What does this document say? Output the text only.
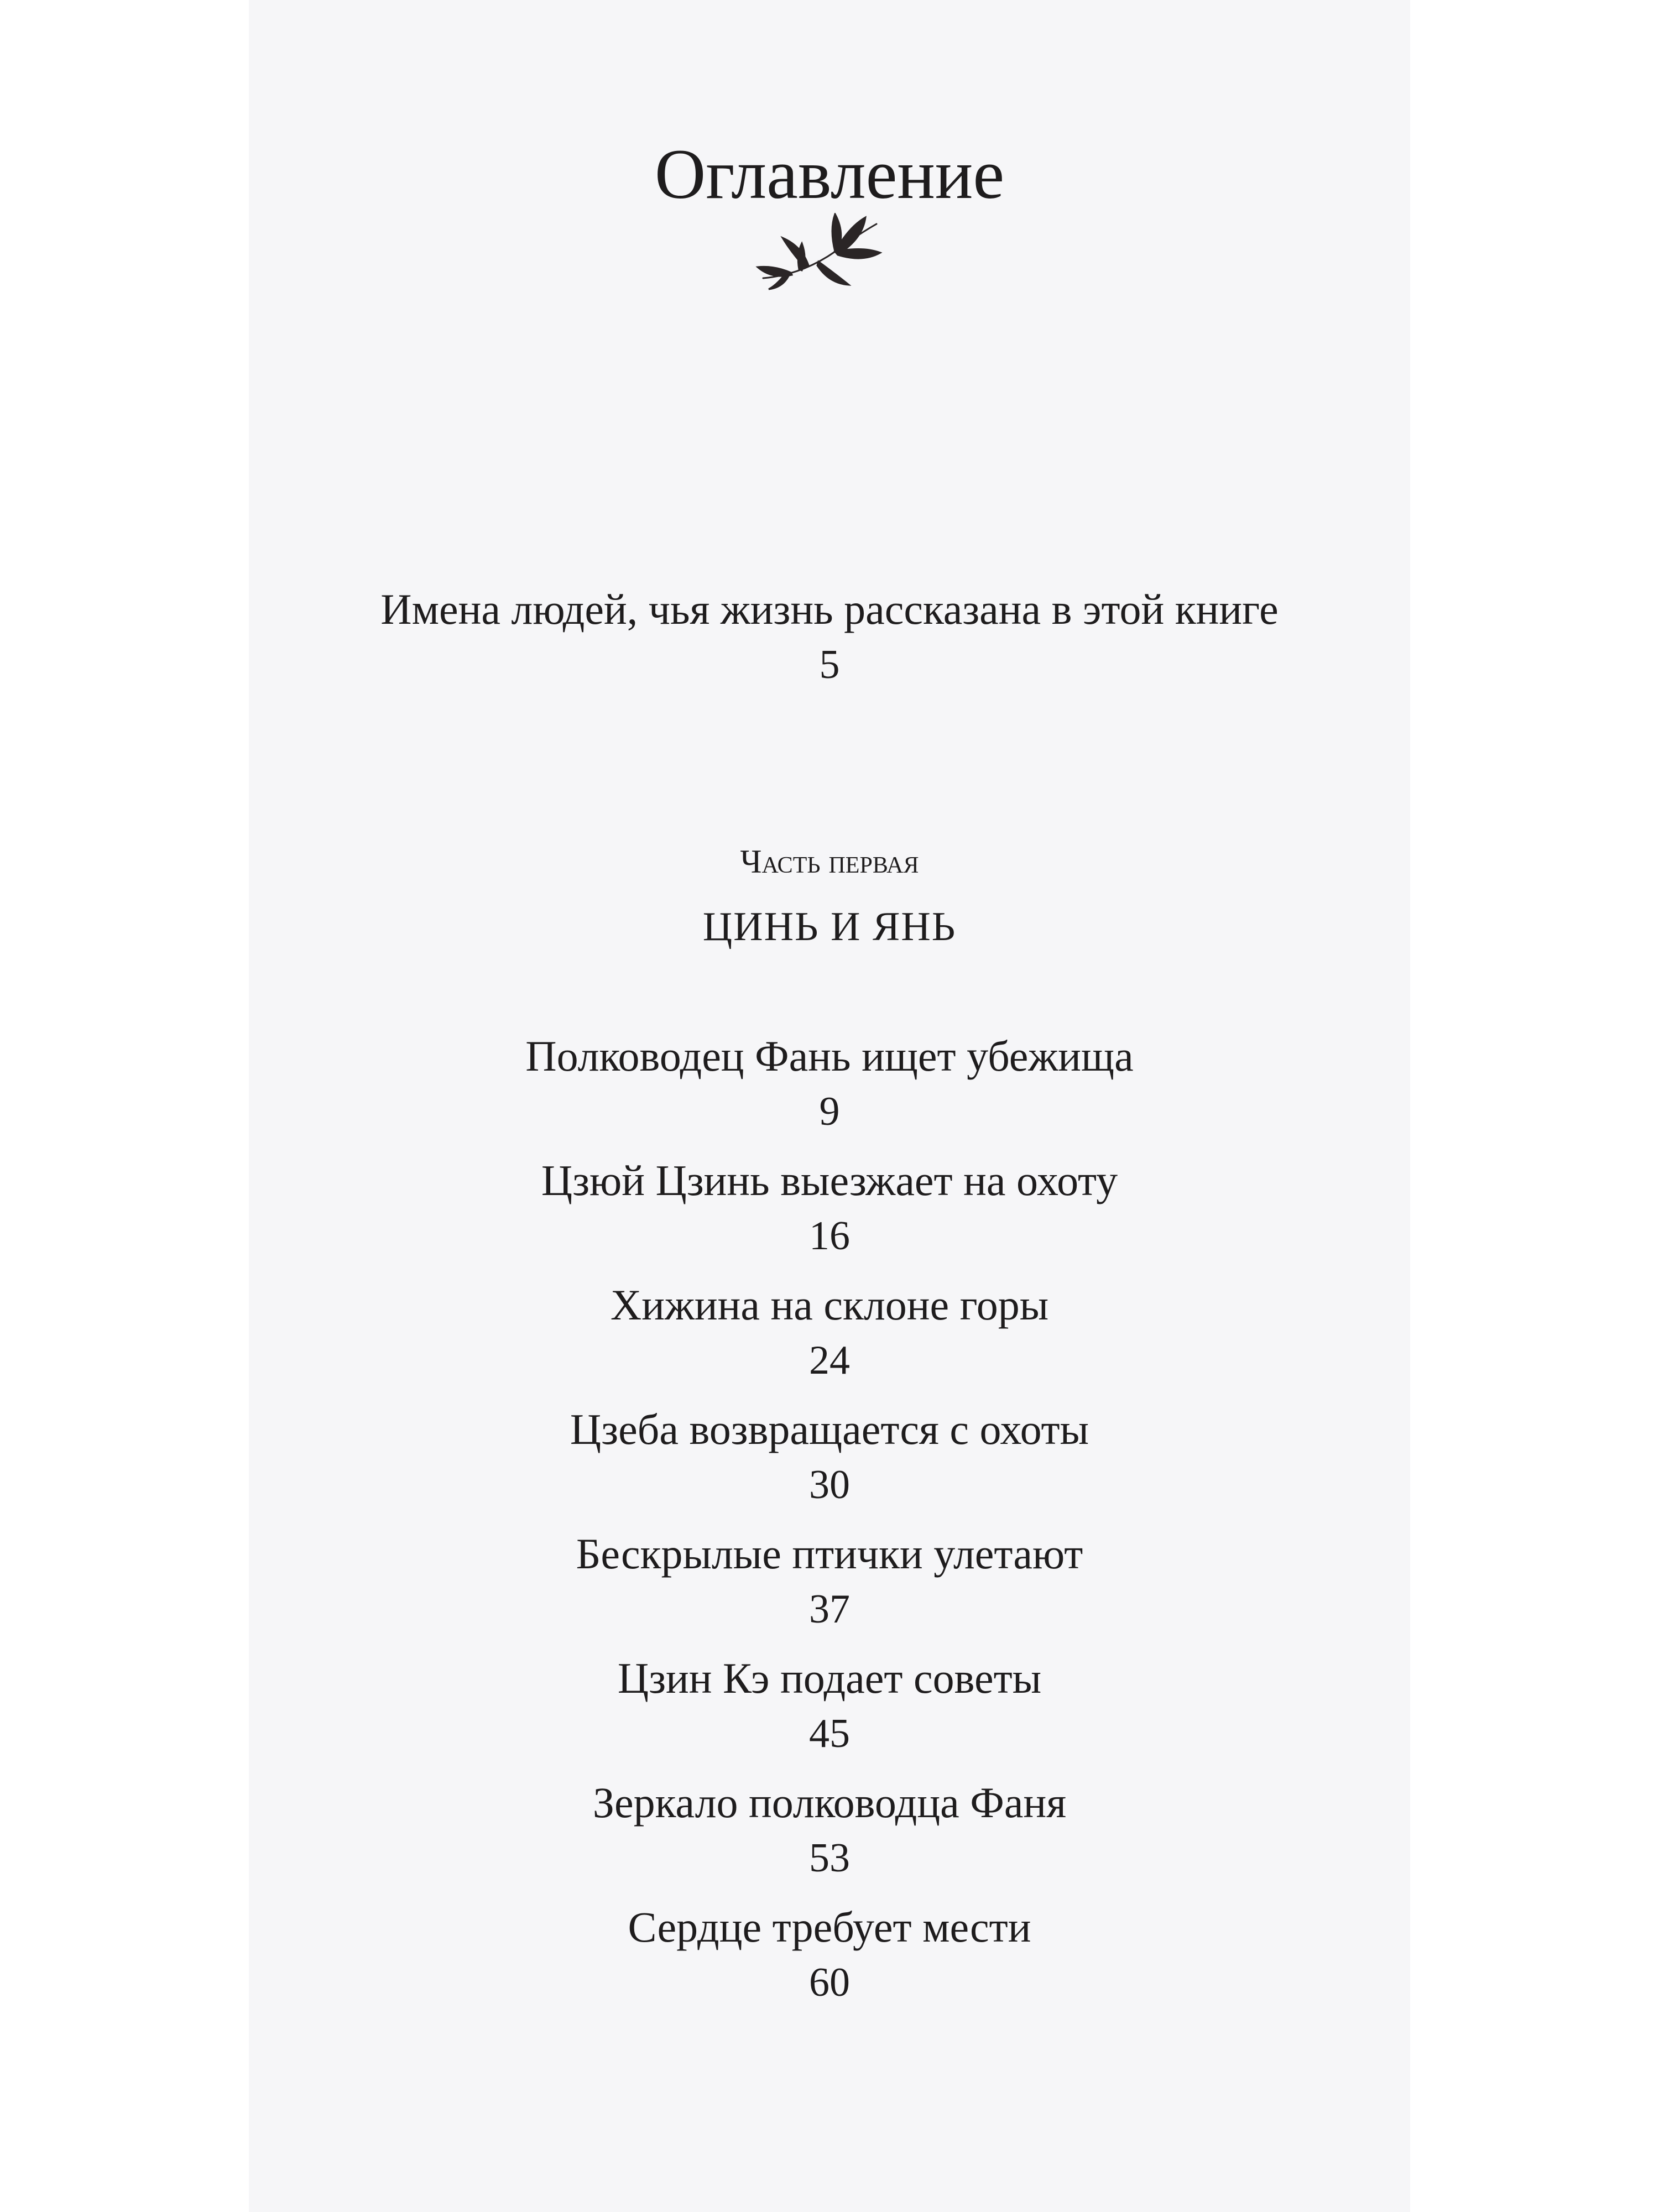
Оглавление
Имена людей, чья жизнь рассказана в этой книге
5
Часть первая
ЦИНЬ И ЯНЬ
Полководец Фань ищет убежища
9
Цзюй Цзинь выезжает на охоту
16
Хижина на склоне горы
24
Цзеба возвращается с охоты
30
Бескрылые птички улетают
37
Цзин Кэ подает советы
45
Зеркало полководца Фаня
53
Сердце требует мести
60
